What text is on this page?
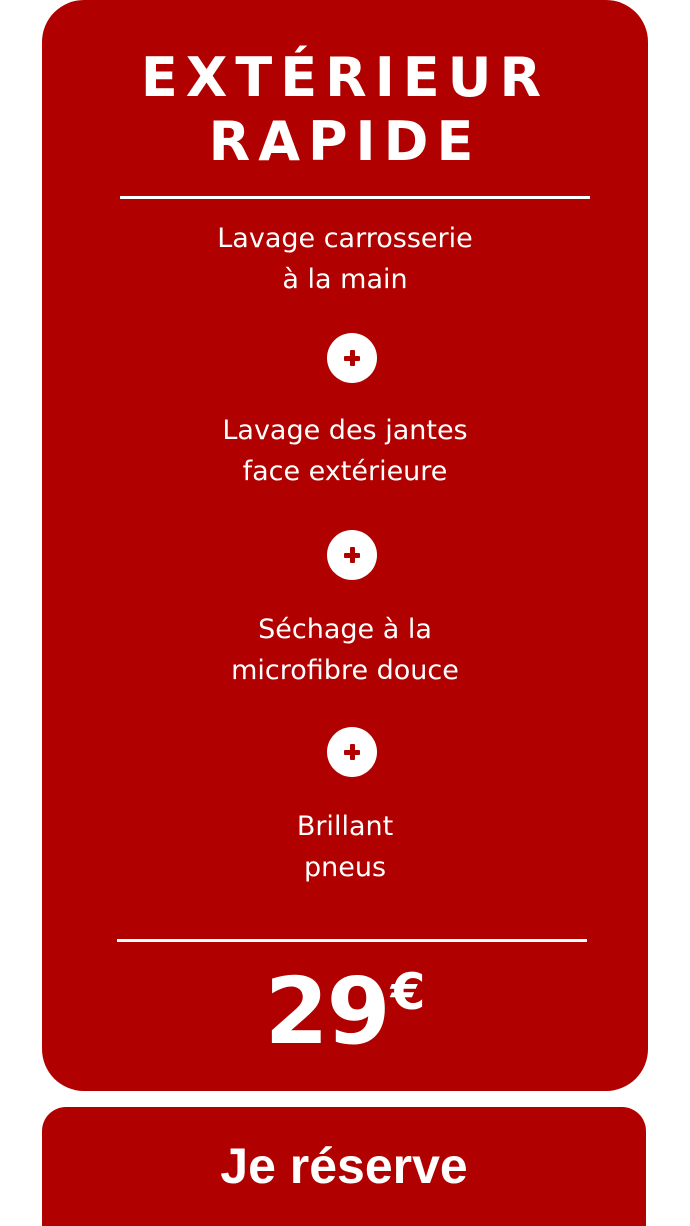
EXTÉRIEUR
RAPIDE
Lavage carrosserie
à la main
Lavage des jantes
face extérieure
Séchage à la
microfibre douce
Brillant
pneus
29€
Je réserve
